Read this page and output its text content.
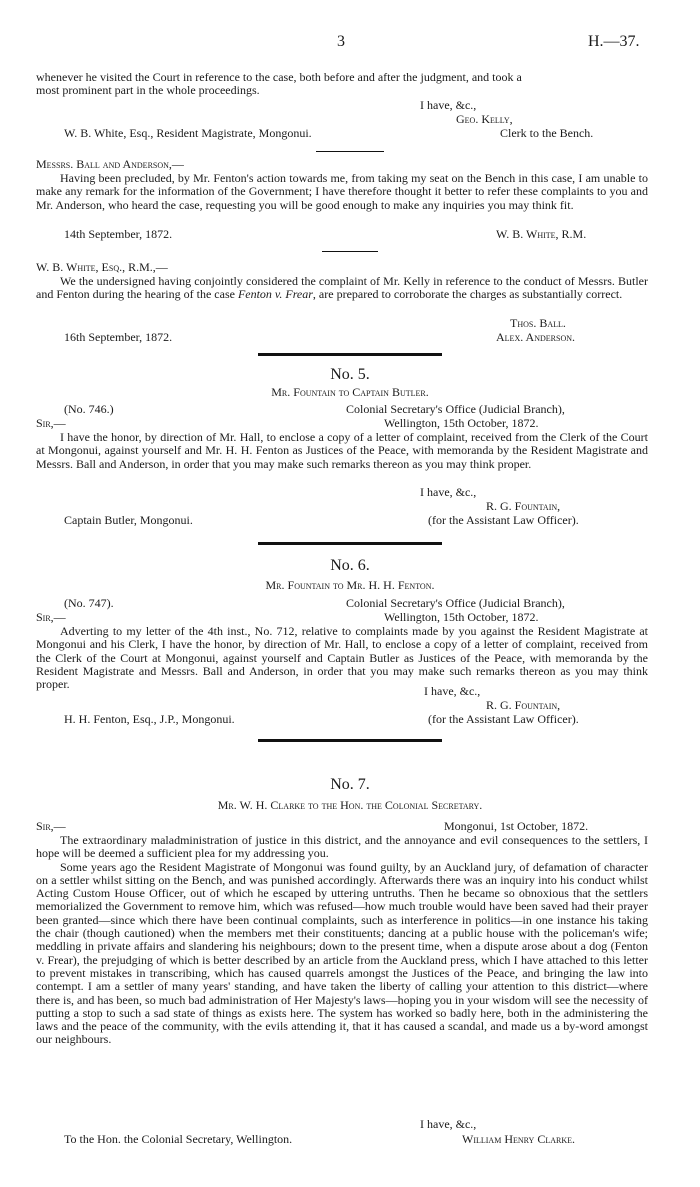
3	H.—37.

whenever he visited the Court in reference to the case, both before and after the judgment, and took a

most prominent part in the whole proceedings.

I have, &c.,
Geo. Kelly,
W. B. White, Esq., Resident Magistrate, Mongonui.	Clerk to the Bench.
Messrs. Ball and Anderson,—

Having been precluded, by Mr. Fenton's action towards me, from taking my seat on the Bench in this case, I am unable to make any remark for the information of the Government; I have therefore thought it better to refer these complaints to you and Mr. Anderson, who heard the case, requesting you will be good enough to make any inquiries you may think fit.

14th September, 1872.	W. B. White, R.M.
W. B. White, Esq., R.M.,—

We the undersigned having conjointly considered the complaint of Mr. Kelly in reference to the conduct of Messrs. Butler and Fenton during the hearing of the case Fenton v. Frear, are prepared to corroborate the charges as substantially correct.

Thos. Ball.
16th September, 1872.	Alex. Anderson.
No. 5.
Mr. Fountain to Captain Butler.
(No. 746.)	Colonial Secretary's Office (Judicial Branch),
Sir,—	Wellington, 15th October, 1872.

I have the honor, by direction of Mr. Hall, to enclose a copy of a letter of complaint, received from the Clerk of the Court at Mongonui, against yourself and Mr. H. H. Fenton as Justices of the Peace, with memoranda by the Resident Magistrate and Messrs. Ball and Anderson, in order that you may make such remarks thereon as you may think proper.

I have, &c.,
R. G. Fountain,
Captain Butler, Mongonui.	(for the Assistant Law Officer).
No. 6.
Mr. Fountain to Mr. H. H. Fenton.
(No. 747).	Colonial Secretary's Office (Judicial Branch),
Sir,—	Wellington, 15th October, 1872.

Adverting to my letter of the 4th inst., No. 712, relative to complaints made by you against the Resident Magistrate at Mongonui and his Clerk, I have the honor, by direction of Mr. Hall, to enclose a copy of a letter of complaint, received from the Clerk of the Court at Mongonui, against yourself and Captain Butler as Justices of the Peace, with memoranda by the Resident Magistrate and Messrs. Ball and Anderson, in order that you may make such remarks thereon as you may think proper.	I have, &c.,
R. G. Fountain,
H. H. Fenton, Esq., J.P., Mongonui.	(for the Assistant Law Officer).
No. 7.
Mr. W. H. Clarke to the Hon. the Colonial Secretary.
Sir,—	Mongonui, 1st October, 1872.

The extraordinary maladministration of justice in this district, and the annoyance and evil consequences to the settlers, I hope will be deemed a sufficient plea for my addressing you.

Some years ago the Resident Magistrate of Mongonui was found guilty, by an Auckland jury, of defamation of character on a settler whilst sitting on the Bench, and was punished accordingly. Afterwards there was an inquiry into his conduct whilst Acting Custom House Officer, out of which he escaped by uttering untruths. Then he became so obnoxious that the settlers memorialized the Government to remove him, which was refused—how much trouble would have been saved had their prayer been granted—since which there have been continual complaints, such as interference in politics—in one instance his taking the chair (though cautioned) when the members met their constituents; dancing at a public house with the policeman's wife; meddling in private affairs and slandering his neighbours; down to the present time, when a dispute arose about a dog (Fenton v. Frear), the prejudging of which is better described by an article from the Auckland press, which I have attached to this letter to prevent mistakes in transcribing, which has caused quarrels amongst the Justices of the Peace, and bringing the law into contempt. I am a settler of many years' standing, and have taken the liberty of calling your attention to this district—where there is, and has been, so much bad administration of Her Majesty's laws—hoping you in your wisdom will see the necessity of putting a stop to such a sad state of things as exists here. The system has worked so badly here, both in the administering the laws and the peace of the community, with the evils attending it, that it has caused a scandal, and made us a by-word amongst our neighbours.

I have, &c.,
To the Hon. the Colonial Secretary, Wellington.	William Henry Clarke.
